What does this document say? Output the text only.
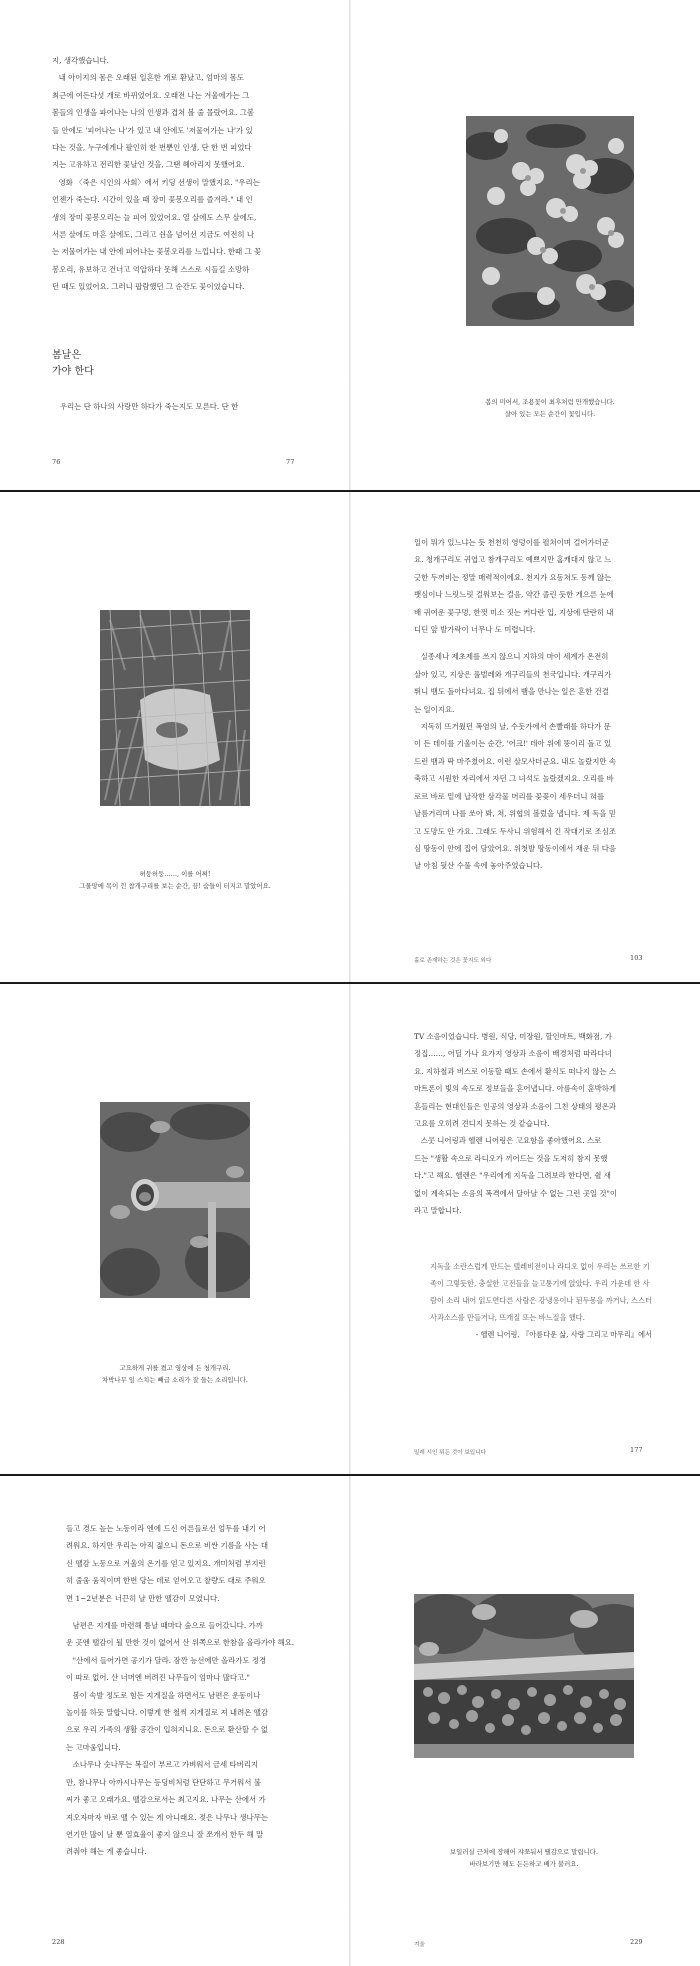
지, 생각했습니다.
내 아이지의 몸은 오래된 일흔한 개로 환났고, 엄마의 몸도
최근에 여든다섯 개로 바뀌었어요. 오래전 나는 겨울에가는 그
봄들의 인생을 파어나는 나의 인생과 겹쳐 볼 줄 몰랐어요. 그봄
들 안에도 '피어나는 나'가 있고 내 안에도 '저물어가는 나'가 있
다는 것을, 누구에게나 팔인히 한 번뿐인 인생, 단 한 번 피었다
지는 고유하고 전리한 꽃날인 것을, 그땐 헤아리지 못했어요.
영화 〈죽은 시인의 사회〉에서 키딩 선생이 말했지요. "우리는
언젠가 죽는다. 시간이 있을 때 장미 꽃봉오리를 즐겨라." 내 인
생의 장미 꽃봉오리는 늘 피어 있었어요. 열 살에도 스무 살에도,
서른 살에도 마흔 살에도, 그리고 쉰을 넘어선 지금도 여전히 나
는 저물어가는 내 안에 피어나는 꽃봉오리를 느낍니다. 한때 그 꽃
봉오리, 유보하고 건너고 억압하다 못해 스스로 시들길 소망하
던 때도 있었어요. 그러니 팝람했던 그 순간도 꽃이었습니다.
봄날은
가야 한다
우리는 단 하나의 사랑만 하다가 죽는지도 모른다. 단 한
76
봄의 미어서, 조용꽃이 최후처럼 만개했습니다.
살아 있는 모든 순간이 꽃입니다.
77
허둥허둥……, 이를 어쩌!
그물망에 목이 낀 참개구리를 보는 순간, 끔! 숨들이 터지고 말았어요.
일이 뭐가 있느냐는 듯 천천히 영덩이를 펼쳐이며 걸어가더군
요. 청개구리도 귀엽고 참개구리도 예쁘지만 홈캐대지 않고 느
긋한 두꺼비는 정말 매력적이에요. 천지가 요동쳐도 동께 않는
뱃심이나 느릿느릿 걸워보는 걸음, 약간 졸린 듯한 게으른 눈에
배 귀여운 꽃구멍, 한껏 미소 짓는 커다란 입, 지상에 단란히 내
디딘 앞 발가락이 너무나 도 미렵니다.
실종세나 제초제를 쓰지 않으니 지하의 마이 세계가 온전히
살아 있고, 지상은 풀벌레와 개구리들의 천국입니다. 개구리가
뛰니 뱀도 돌아다녀요. 집 뒤에서 뱀을 만나는 일은 흔한 건결
는 일이지요.
지독히 뜨거웠던 폭염의 날, 수돗가에서 손빨래를 하다가 문
이 든 데이를 기울이는 순간, '어크!' 데아 위에 뚱이리 돌고 있
드런 뱀과 딱 마주쳤어요. 이런 살모사더군요. 내도 놀랐지만 속
축하고 시원한 자리에서 자던 그 녀석도 놀랐겠지요. 오리를 바
로르 바로 밑에 납작한 삼각물 머리를 꽃꽂이 세우더니 혀를
날름거리며 나를 쏘아 봐, 쳐, 위협의 볼렀을 냅니다. 제 독을 믿
고 도망도 안 가요. 그래도 두사니 위험해서 긴 작대기로 조심조
심 땅동이 안에 집어 담았어요. 위첫발 땅동이에서 재운 뒤 다음
날 아침 뒷산 수풀 속에 놓아주었습니다.
홀로 존재하는 것은 꽃지도 외다	103
고요하게 귀를 켰고 영상에 든 청개구리.
차박나무 잎 스치는 빼급 소리가 잘 들는 소리입니다.
TV 소음이었습니다. 병원, 식당, 미장원, 할인마트, 백화점, 가
정집……, 어딜 가나 요가지 영상과 소음이 배경처럼 따라다녀
요. 지하철과 버스로 이동할 때도 손에서 환식도 떠나지 않는 스
마트폰이 빛의 속도로 정보들을 흔어냅니다. 아름속이 훈박하게
흔들리는 현대인들은 인공의 영상과 소음이 그친 상태의 평온과
고요를 오히려 견디지 못하는 것 같습니다.
스콧 니어링과 헬렌 니어링은 고요함을 좋아했어요. 스로
드는 "생활 속으로 라디오가 끼어드는 것을 도저히 참지 못했
다."고 해요. 헬렌은 "우리에게 지독을 그려보라 한다면, 쉴 새
없이 계속되는 소음의 폭격에서 달아날 수 없는 그런 곳일 것"이
라고 말합니다.
지독을 소란스럽게 만드는 텔레비전이나 라디오 없이 우리는 쓰르한 기족이 그렇듯한, 충실한 고전들을 늘고통기에 앉았다. 우리 가운데 한 사람이 소리 내어 읽도면다른 사람은 강냉용이나 된두몽을 까거나, 스스터 사과소스를 만들거나, 뜨개질 또는 바느질을 했다.
- 헬렌 니어링, 『아름다운 삶, 사랑 그리고 마무리』에서
밀레 시인 뭐든 것이 보입니다	177
들고 경도 높는 노동이라 엔에 드신 어른들로선 엄두를 내기 어
려워요. 하지만 우리는 아직 젊으니 돈으로 비싼 기름을 사는 대
신 땔감 노동으로 겨울의 온기를 얻고 있지요. 개미처럼 부지런
히 줄움 움직이며 한번 당는 데로 얻어오고 찰량도 대로 주워오
면 1~2년분은 너끈히 날 만한 땔감이 모였니다.
남편은 지게를 마련해 틈날 때마다 숲으로 들어갔니다. 가까
운 곳엔 땔감이 될 만한 것이 없어서 산 위쪽으로 한참을 올라가야 해요.
"산에서 들어가면 공기가 달라. 잠깐 능선에만 올라가도 정경
이 따로 없어. 산 너머엔 버려진 나무들이 엄마나 많다고."
봄이 속발 정도로 힘든 지게질을 하면서도 남편은 운동이나
놀이를 하듯 말합니다. 이렇게 한 철씩 지게질로 져 내려온 땔감
으로 우리 가족의 생활 공간이 입혀지니요. 돈으로 환산할 수 없
는 고마움입니다.
소나무나 숫나무는 복질이 부르고 가벼워서 금세 타버리지
만, 참나무나 아까시나무는 등딩비처럼 단단하고 무거워서 불
씨가 좋고 오래가요. 땔감으로서는 최고지요. 나무는 산에서 가
져오자마자 바로 땔 수 있는 게 아니래요. 젖은 나무나 생나무는
연기만 많이 날 뿐 열효율이 좋지 않으니 잘 쪼개서 한두 해 말
려줘야 해는 게 좋습니다.
228
보일러실 근처에 장해어 쟈쪼둬서 땔감으로 말립니다.
바라보기만 해도 든든하고 배가 불러요.
겨울	229
